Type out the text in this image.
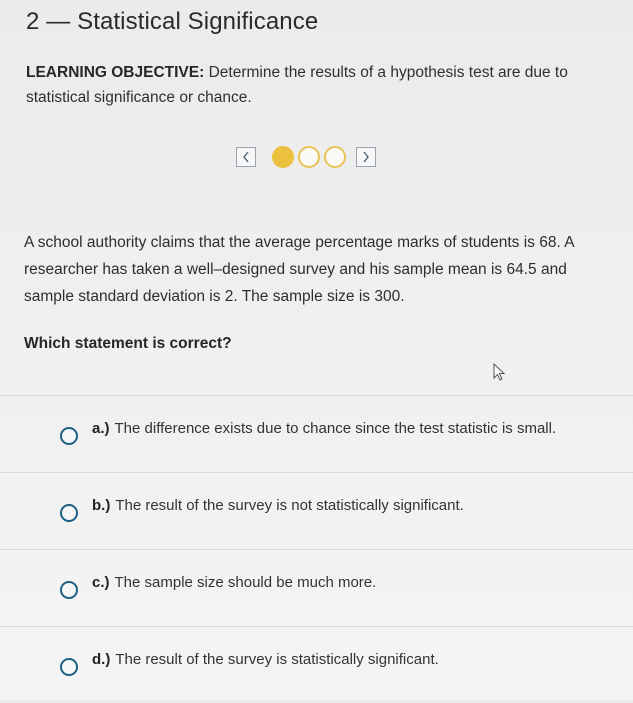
2 — Statistical Significance
LEARNING OBJECTIVE: Determine the results of a hypothesis test are due to statistical significance or chance.
A school authority claims that the average percentage marks of students is 68. A researcher has taken a well–designed survey and his sample mean is 64.5 and sample standard deviation is 2. The sample size is 300.
Which statement is correct?
a.) The difference exists due to chance since the test statistic is small.
b.) The result of the survey is not statistically significant.
c.) The sample size should be much more.
d.) The result of the survey is statistically significant.
